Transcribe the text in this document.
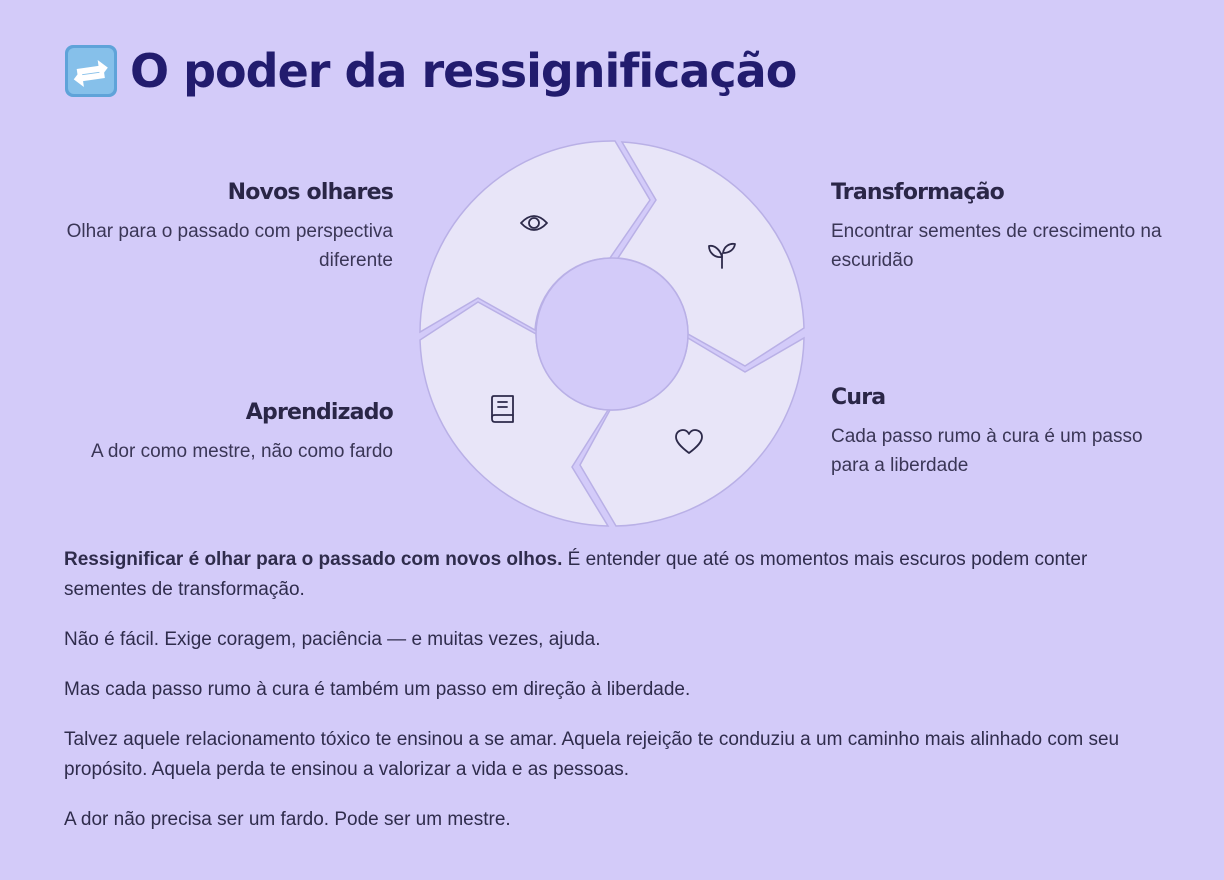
O poder da ressignificação
Novos olhares

Olhar para o passado com perspectiva diferente

Transformação

Encontrar sementes de crescimento na escuridão

Cura

Cada passo rumo à cura é um passo para a liberdade

Aprendizado

A dor como mestre, não como fardo

Ressignificar é olhar para o passado com novos olhos. É entender que até os momentos mais escuros podem conter sementes de transformação.

Não é fácil. Exige coragem, paciência — e muitas vezes, ajuda.

Mas cada passo rumo à cura é também um passo em direção à liberdade.

Talvez aquele relacionamento tóxico te ensinou a se amar. Aquela rejeição te conduziu a um caminho mais alinhado com seu propósito. Aquela perda te ensinou a valorizar a vida e as pessoas.

A dor não precisa ser um fardo. Pode ser um mestre.
